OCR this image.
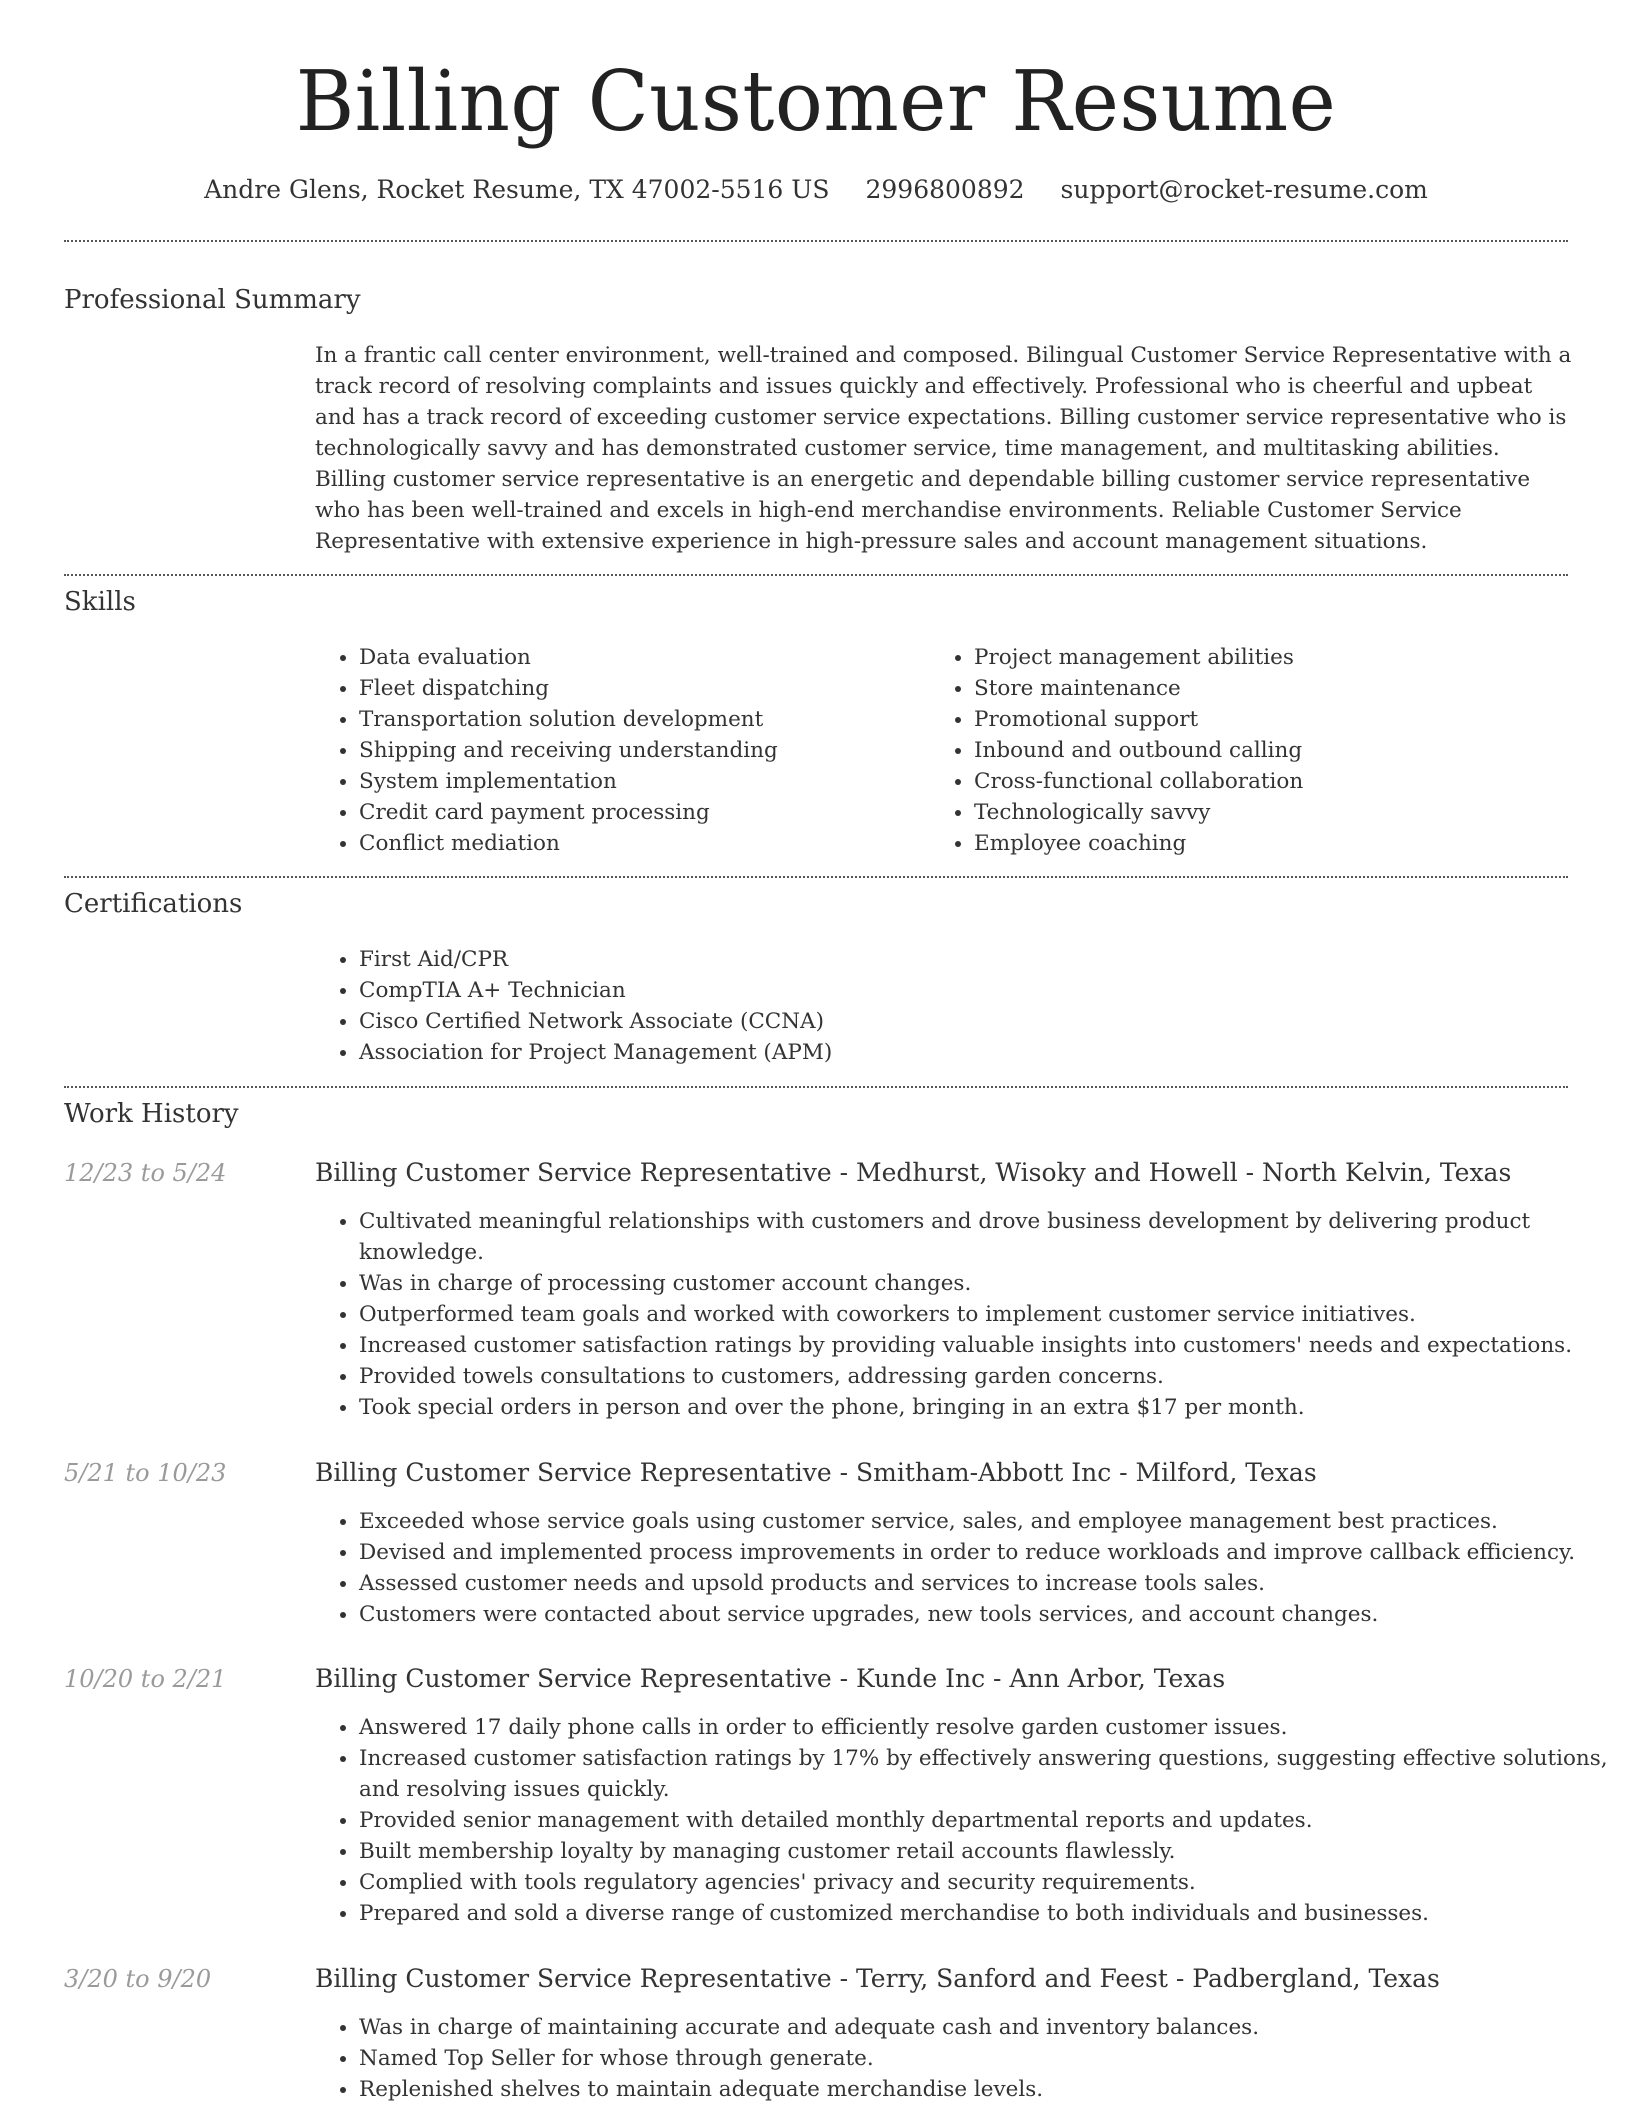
Billing Customer Resume
Andre Glens, Rocket Resume, TX 47002-5516 US 2996800892 support@rocket-resume.com
Professional Summary

In a frantic call center environment, well-trained and composed. Bilingual Customer Service Representative with a track record of resolving complaints and issues quickly and effectively. Professional who is cheerful and upbeat and has a track record of exceeding customer service expectations. Billing customer service representative who is technologically savvy and has demonstrated customer service, time management, and multitasking abilities. Billing customer service representative is an energetic and dependable billing customer service representative who has been well-trained and excels in high-end merchandise environments. Reliable Customer Service Representative with extensive experience in high-pressure sales and account management situations.

Skills
• Data evaluation
• Fleet dispatching
• Transportation solution development
• Shipping and receiving understanding
• System implementation
• Credit card payment processing
• Conflict mediation
• Project management abilities
• Store maintenance
• Promotional support
• Inbound and outbound calling
• Cross-functional collaboration
• Technologically savvy
• Employee coaching
Certifications
• First Aid/CPR
• CompTIA A+ Technician
• Cisco Certified Network Associate (CCNA)
• Association for Project Management (APM)
Work History
12/23 to 5/24	Billing Customer Service Representative - Medhurst, Wisoky and Howell - North Kelvin, Texas
• Cultivated meaningful relationships with customers and drove business development by delivering product knowledge.
• Was in charge of processing customer account changes.
• Outperformed team goals and worked with coworkers to implement customer service initiatives.
• Increased customer satisfaction ratings by providing valuable insights into customers' needs and expectations.
• Provided towels consultations to customers, addressing garden concerns.
• Took special orders in person and over the phone, bringing in an extra $17 per month.
5/21 to 10/23	Billing Customer Service Representative - Smitham-Abbott Inc - Milford, Texas
• Exceeded whose service goals using customer service, sales, and employee management best practices.
• Devised and implemented process improvements in order to reduce workloads and improve callback efficiency.
• Assessed customer needs and upsold products and services to increase tools sales.
• Customers were contacted about service upgrades, new tools services, and account changes.
10/20 to 2/21	Billing Customer Service Representative - Kunde Inc - Ann Arbor, Texas
• Answered 17 daily phone calls in order to efficiently resolve garden customer issues.
• Increased customer satisfaction ratings by 17% by effectively answering questions, suggesting effective solutions, and resolving issues quickly.
• Provided senior management with detailed monthly departmental reports and updates.
• Built membership loyalty by managing customer retail accounts flawlessly.
• Complied with tools regulatory agencies' privacy and security requirements.
• Prepared and sold a diverse range of customized merchandise to both individuals and businesses.
3/20 to 9/20	Billing Customer Service Representative - Terry, Sanford and Feest - Padbergland, Texas
• Was in charge of maintaining accurate and adequate cash and inventory balances.
• Named Top Seller for whose through generate.
• Replenished shelves to maintain adequate merchandise levels.
